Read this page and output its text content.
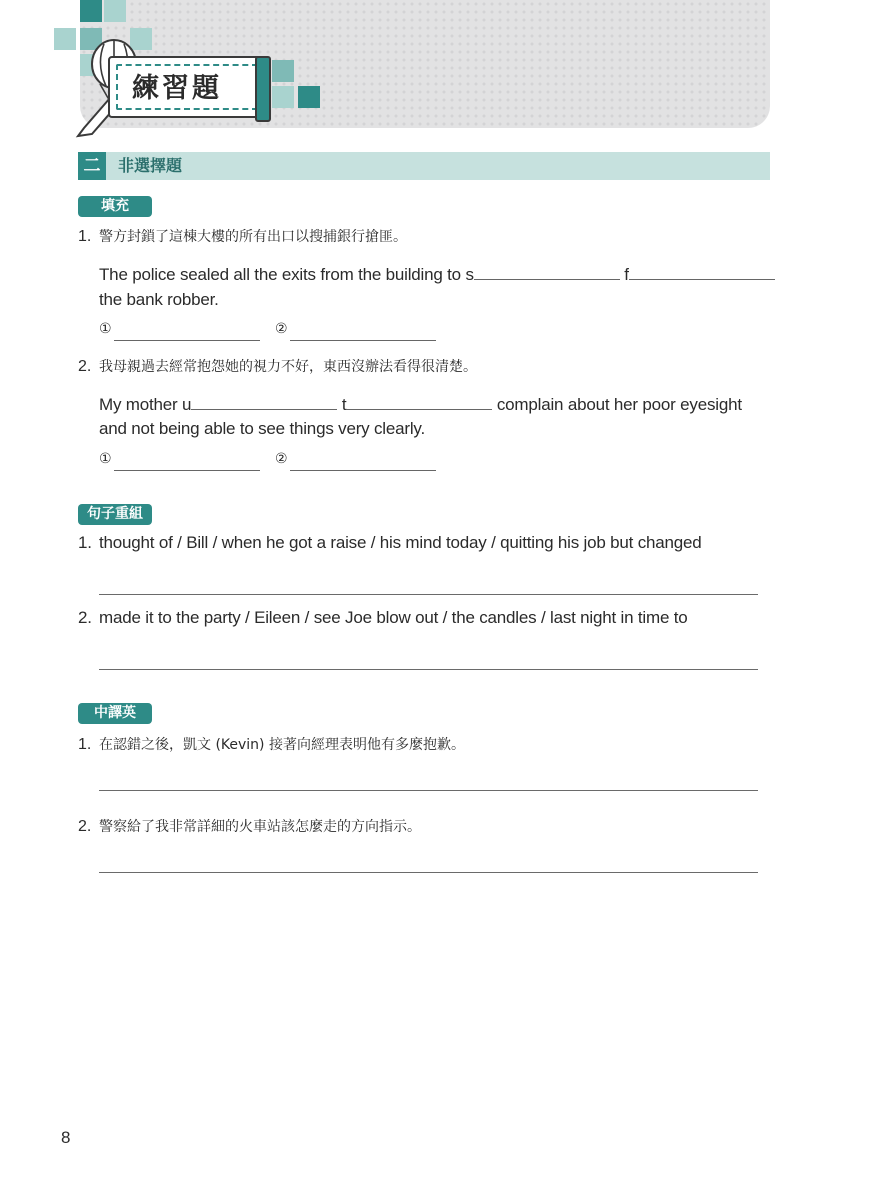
練習題
二	非選擇題
填充
1. 警方封鎖了這棟大樓的所有出口以搜捕銀行搶匪。
The police sealed all the exits from the building to s	f
the bank robber.
①	②
2. 我母親過去經常抱怨她的視力不好，東西沒辦法看得很清楚。
My mother u	t	complain about her poor eyesight
and not being able to see things very clearly.
①	②
句子重組
1. thought of / Bill / when he got a raise / his mind today / quitting his job but changed
2. made it to the party / Eileen / see Joe blow out / the candles / last night in time to
中譯英
1. 在認錯之後，凱文 (Kevin) 接著向經理表明他有多麼抱歉。
2. 警察給了我非常詳細的火車站該怎麼走的方向指示。
8
